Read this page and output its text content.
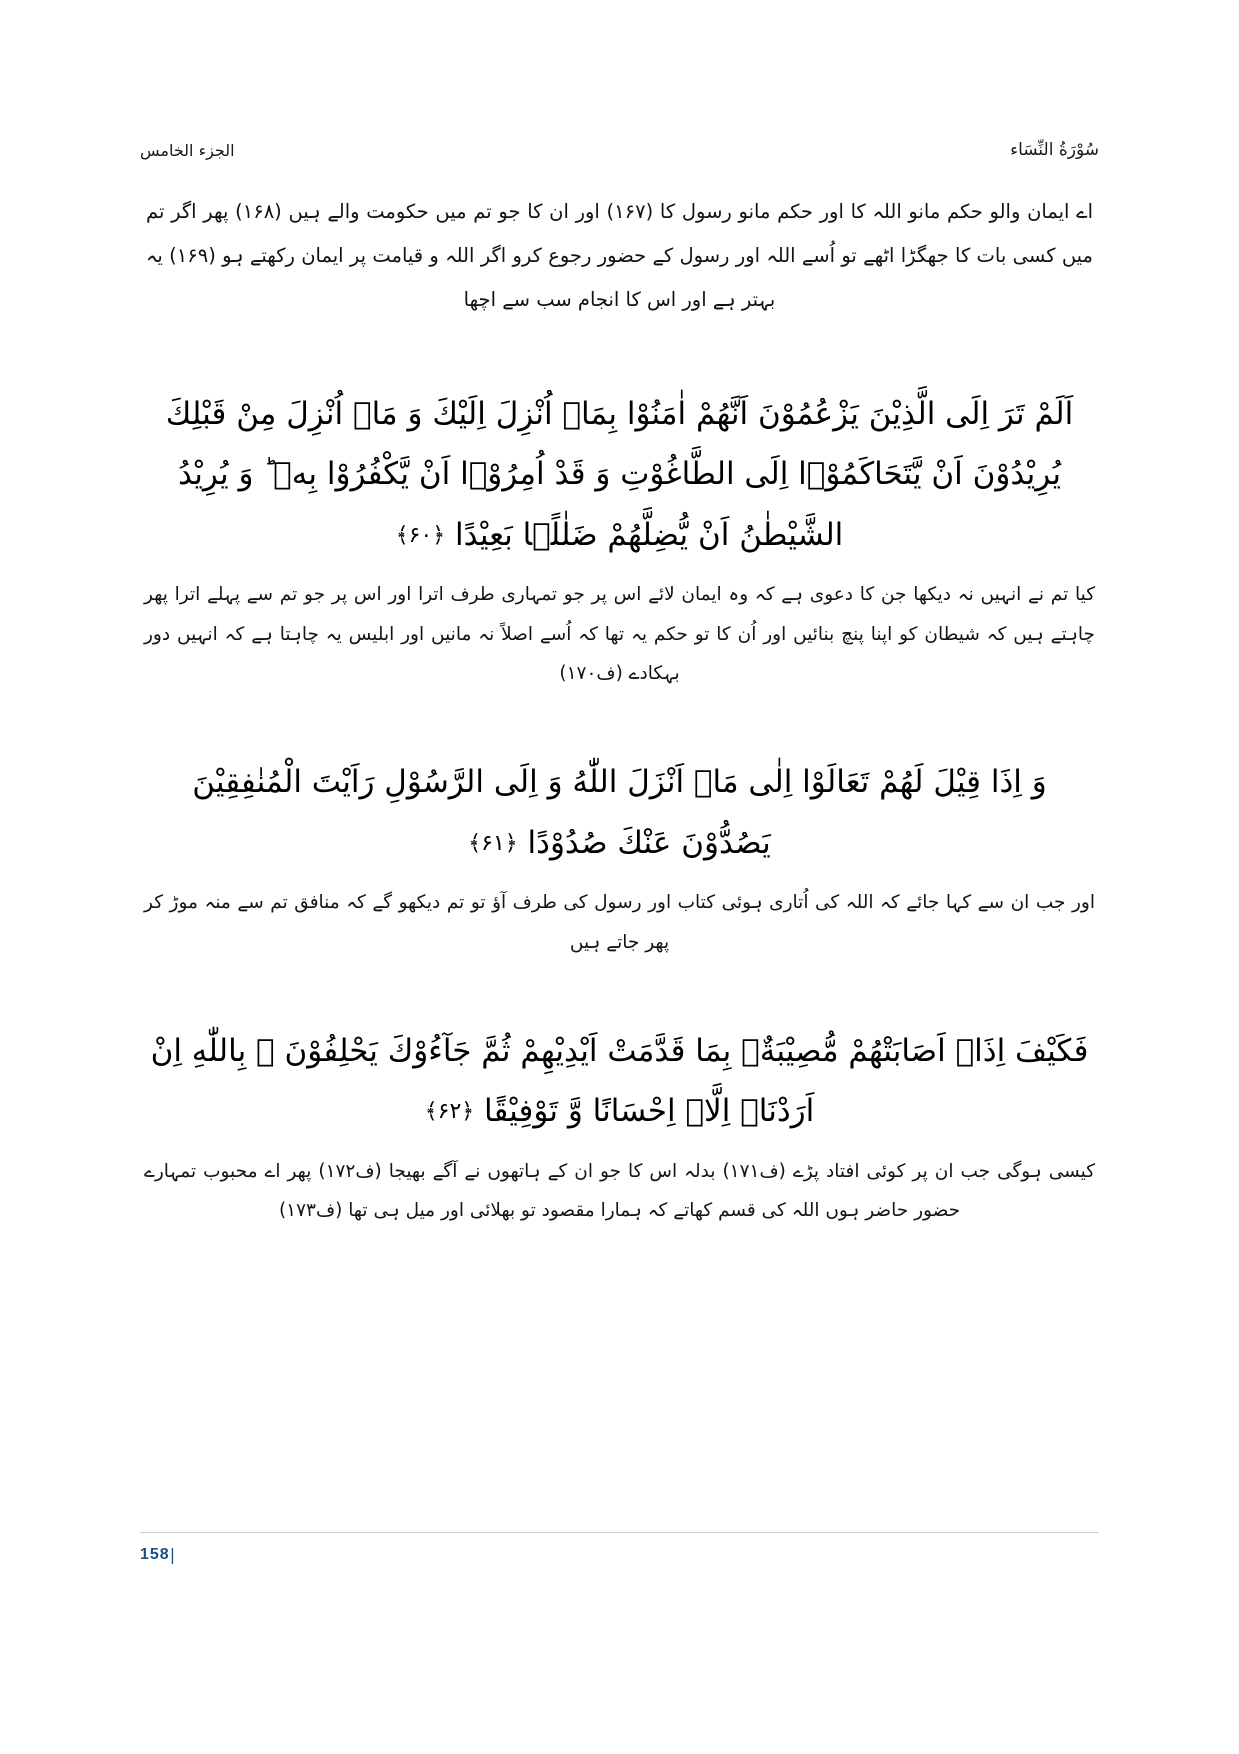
سُوْرَةُ النِّسَاء
الجزء الخامس
اے ایمان والو حکم مانو اللہ کا اور حکم مانو رسول کا (۱۶۷) اور ان کا جو تم میں حکومت والے ہیں (۱۶۸) پھر اگر تم میں کسی بات کا جھگڑا اٹھے تو اُسے اللہ اور رسول کے حضور رجوع کرو اگر اللہ و قیامت پر ایمان رکھتے ہو (۱۶۹) یہ بہتر ہے اور اس کا انجام سب سے اچھا
اَلَمْ تَرَ اِلَى الَّذِيْنَ يَزْعُمُوْنَ اَنَّهُمْ اٰمَنُوْا بِمَاۤ اُنْزِلَ اِلَيْكَ وَ مَاۤ اُنْزِلَ مِنْ قَبْلِكَ يُرِيْدُوْنَ اَنْ يَّتَحَاكَمُوْۤا اِلَى الطَّاغُوْتِ وَ قَدْ اُمِرُوْۤا اَنْ يَّكْفُرُوْا بِهٖ ؕ وَ يُرِيْدُ الشَّيْطٰنُ اَنْ يُّضِلَّهُمْ ضَلٰلًۢا بَعِيْدًا ﴿۶۰﴾
کیا تم نے انہیں نہ دیکھا جن کا دعوی ہے کہ وہ ایمان لائے اس پر جو تمہاری طرف اترا اور اس پر جو تم سے پہلے اترا پھر چاہتے ہیں کہ شیطان کو اپنا پنچ بنائیں اور اُن کا تو حکم یہ تھا کہ اُسے اصلاً نہ مانیں اور ابلیس یہ چاہتا ہے کہ انہیں دور بہکادے (ف۱۷۰)
وَ اِذَا قِيْلَ لَهُمْ تَعَالَوْا اِلٰى مَاۤ اَنْزَلَ اللّٰهُ وَ اِلَى الرَّسُوْلِ رَاَيْتَ الْمُنٰفِقِيْنَ يَصُدُّوْنَ عَنْكَ صُدُوْدًا ﴿۶۱﴾
اور جب ان سے کہا جائے کہ اللہ کی اُتاری ہوئی کتاب اور رسول کی طرف آؤ تو تم دیکھو گے کہ منافق تم سے منہ موڑ کر پھر جاتے ہیں
فَكَيْفَ اِذَاۤ اَصَابَتْهُمْ مُّصِيْبَةٌۢ بِمَا قَدَّمَتْ اَيْدِيْهِمْ ثُمَّ جَآءُوْكَ يَحْلِفُوْنَ ۞ بِاللّٰهِ اِنْ اَرَدْنَاۤ اِلَّاۤ اِحْسَانًا وَّ تَوْفِيْقًا ﴿۶۲﴾
کیسی ہوگی جب ان پر کوئی افتاد پڑے (ف۱۷۱) بدلہ اس کا جو ان کے ہاتھوں نے آگے بھیجا (ف۱۷۲) پھر اے محبوب تمہارے حضور حاضر ہوں اللہ کی قسم کھاتے کہ ہمارا مقصود تو بھلائی اور میل ہی تھا (ف۱۷۳)
158 |
